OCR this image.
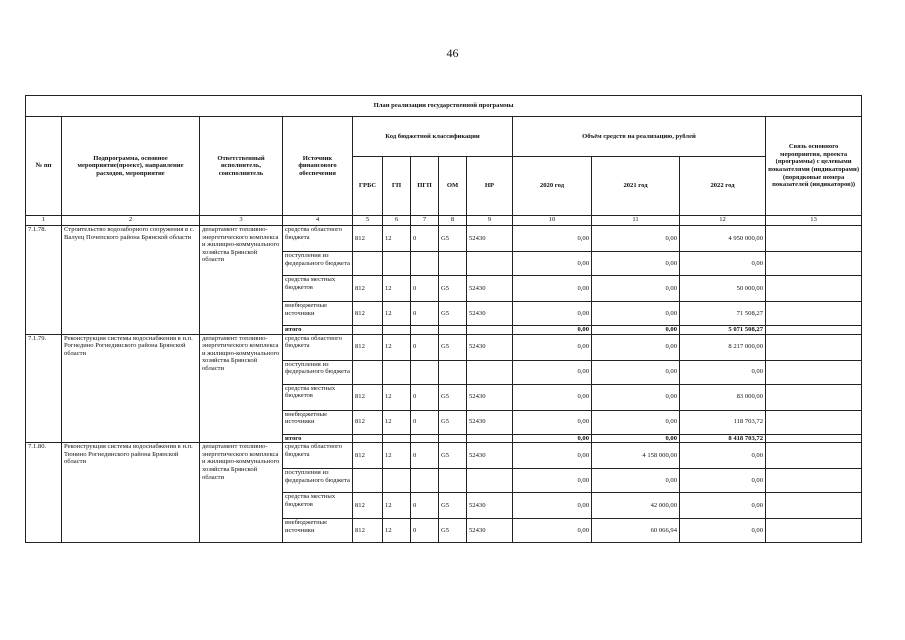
46
План реализации государственной программы												
№ пп	Подпрограмма, основное мероприятие(проект), направление расходов, мероприятие	Ответственный исполнитель, соисполнитель	Источник финансового обеспечения	Код бюджетной классификации					Объём средств на реализацию, рублей			Связь основного мероприятия, проекта (программы) с целевыми показателями (индикаторами) (порядковые номера показателей (индикаторов))
				ГРБС	ГП	ПГП	ОМ	НР	2020 год	2021 год	2022 год	
1	2	3	4	5	6	7	8	9	10	11	12	13
7.1.78.	Строительство водозаборного сооружения в с. Валуец Почепского района Брянской области	департамент топливно-энергетического комплекса и жилищно-коммунального хозяйства Брянской области	средства областного бюджета	812	12	0	G5	52430	0,00	0,00	4 950 000,00	
			поступления из федерального бюджета						0,00	0,00	0,00	
			средства местных бюджетов	812	12	0	G5	52430	0,00	0,00	50 000,00	
			внебюджетные источники	812	12	0	G5	52430	0,00	0,00	71 508,27	
			итого						0,00	0,00	5 071 508,27	
7.1.79.	Реконструкция системы водоснабжения в н.п. Рогнедино Рогнединского района Брянской области	департамент топливно-энергетического комплекса и жилищно-коммунального хозяйства Брянской области	средства областного бюджета	812	12	0	G5	52430	0,00	0,00	8 217 000,00	
			поступления из федерального бюджета						0,00	0,00	0,00	
			средства местных бюджетов	812	12	0	G5	52430	0,00	0,00	83 000,00	
			внебюджетные источники	812	12	0	G5	52430	0,00	0,00	118 703,72	
			итого						0,00	0,00	8 418 703,72	
7.1.80.	Реконструкция системы водоснабжения в н.п. Тюнино Рогнединского района Брянской области	департамент топливно-энергетического комплекса и жилищно-коммунального хозяйства Брянской области	средства областного бюджета	812	12	0	G5	52430	0,00	4 158 000,00	0,00	
			поступления из федерального бюджета						0,00	0,00	0,00	
			средства местных бюджетов	812	12	0	G5	52430	0,00	42 000,00	0,00	
			внебюджетные источники	812	12	0	G5	52430	0,00	60 066,94	0,00	
